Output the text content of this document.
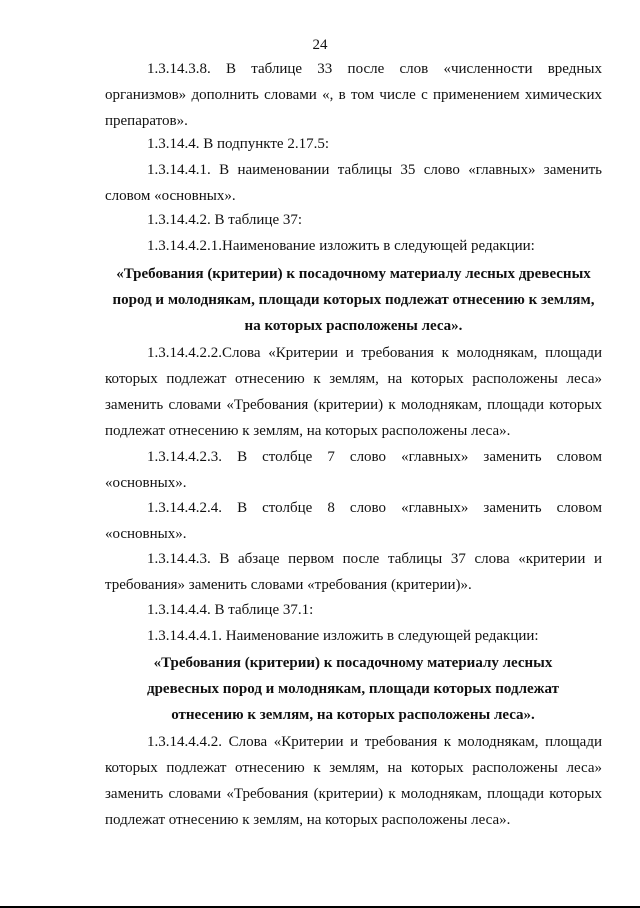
24

1.3.14.3.8. В таблице 33 после слов «численности вредных организмов» дополнить словами «, в том числе с применением химических препаратов».

1.3.14.4. В подпункте 2.17.5:

1.3.14.4.1. В наименовании таблицы 35 слово «главных» заменить словом «основных».

1.3.14.4.2. В таблице 37:

1.3.14.4.2.1.Наименование изложить в следующей редакции:

«Требования (критерии) к посадочному материалу лесных древесных пород и молоднякам, площади которых подлежат отнесению к землям, на которых расположены леса».

1.3.14.4.2.2.Слова «Критерии и требования к молоднякам, площади которых подлежат отнесению к землям, на которых расположены леса» заменить словами «Требования (критерии) к молоднякам, площади которых подлежат отнесению к землям, на которых расположены леса».

1.3.14.4.2.3. В столбце 7 слово «главных» заменить словом «основных».

1.3.14.4.2.4. В столбце 8 слово «главных» заменить словом «основных».

1.3.14.4.3. В абзаце первом после таблицы 37 слова «критерии и требования» заменить словами «требования (критерии)».

1.3.14.4.4. В таблице 37.1:

1.3.14.4.4.1. Наименование изложить в следующей редакции:

«Требования (критерии) к посадочному материалу лесных древесных пород и молоднякам, площади которых подлежат отнесению к землям, на которых расположены леса».

1.3.14.4.4.2. Слова «Критерии и требования к молоднякам, площади которых подлежат отнесению к землям, на которых расположены леса» заменить словами «Требования (критерии) к молоднякам, площади которых подлежат отнесению к землям, на которых расположены леса».
